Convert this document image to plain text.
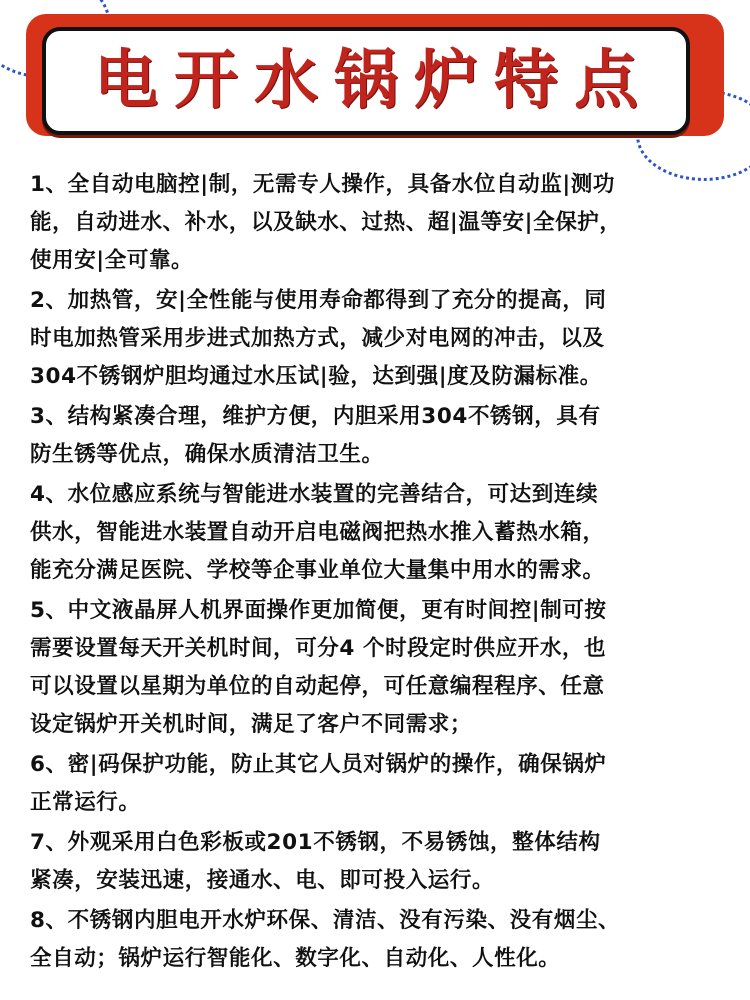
电开水锅炉特点

1、全自动电脑控|制，无需专人操作，具备水位自动监|测功
能，自动进水、补水，以及缺水、过热、超|温等安|全保护，
使用安|全可靠。

2、加热管，安|全性能与使用寿命都得到了充分的提高，同
时电加热管采用步进式加热方式，减少对电网的冲击，以及
304不锈钢炉胆均通过水压试|验，达到强|度及防漏标准。

3、结构紧凑合理，维护方便，内胆采用304不锈钢，具有
防生锈等优点，确保水质清洁卫生。

4、水位感应系统与智能进水装置的完善结合，可达到连续
供水，智能进水装置自动开启电磁阀把热水推入蓄热水箱，
能充分满足医院、学校等企事业单位大量集中用水的需求。

5、中文液晶屏人机界面操作更加简便，更有时间控|制可按
需要设置每天开关机时间，可分4 个时段定时供应开水，也
可以设置以星期为单位的自动起停，可任意编程程序、任意
设定锅炉开关机时间，满足了客户不同需求；

6、密|码保护功能，防止其它人员对锅炉的操作，确保锅炉
正常运行。

7、外观采用白色彩板或201不锈钢，不易锈蚀，整体结构
紧凑，安装迅速，接通水、电、即可投入运行。

8、不锈钢内胆电开水炉环保、清洁、没有污染、没有烟尘、
全自动；锅炉运行智能化、数字化、自动化、人性化。
